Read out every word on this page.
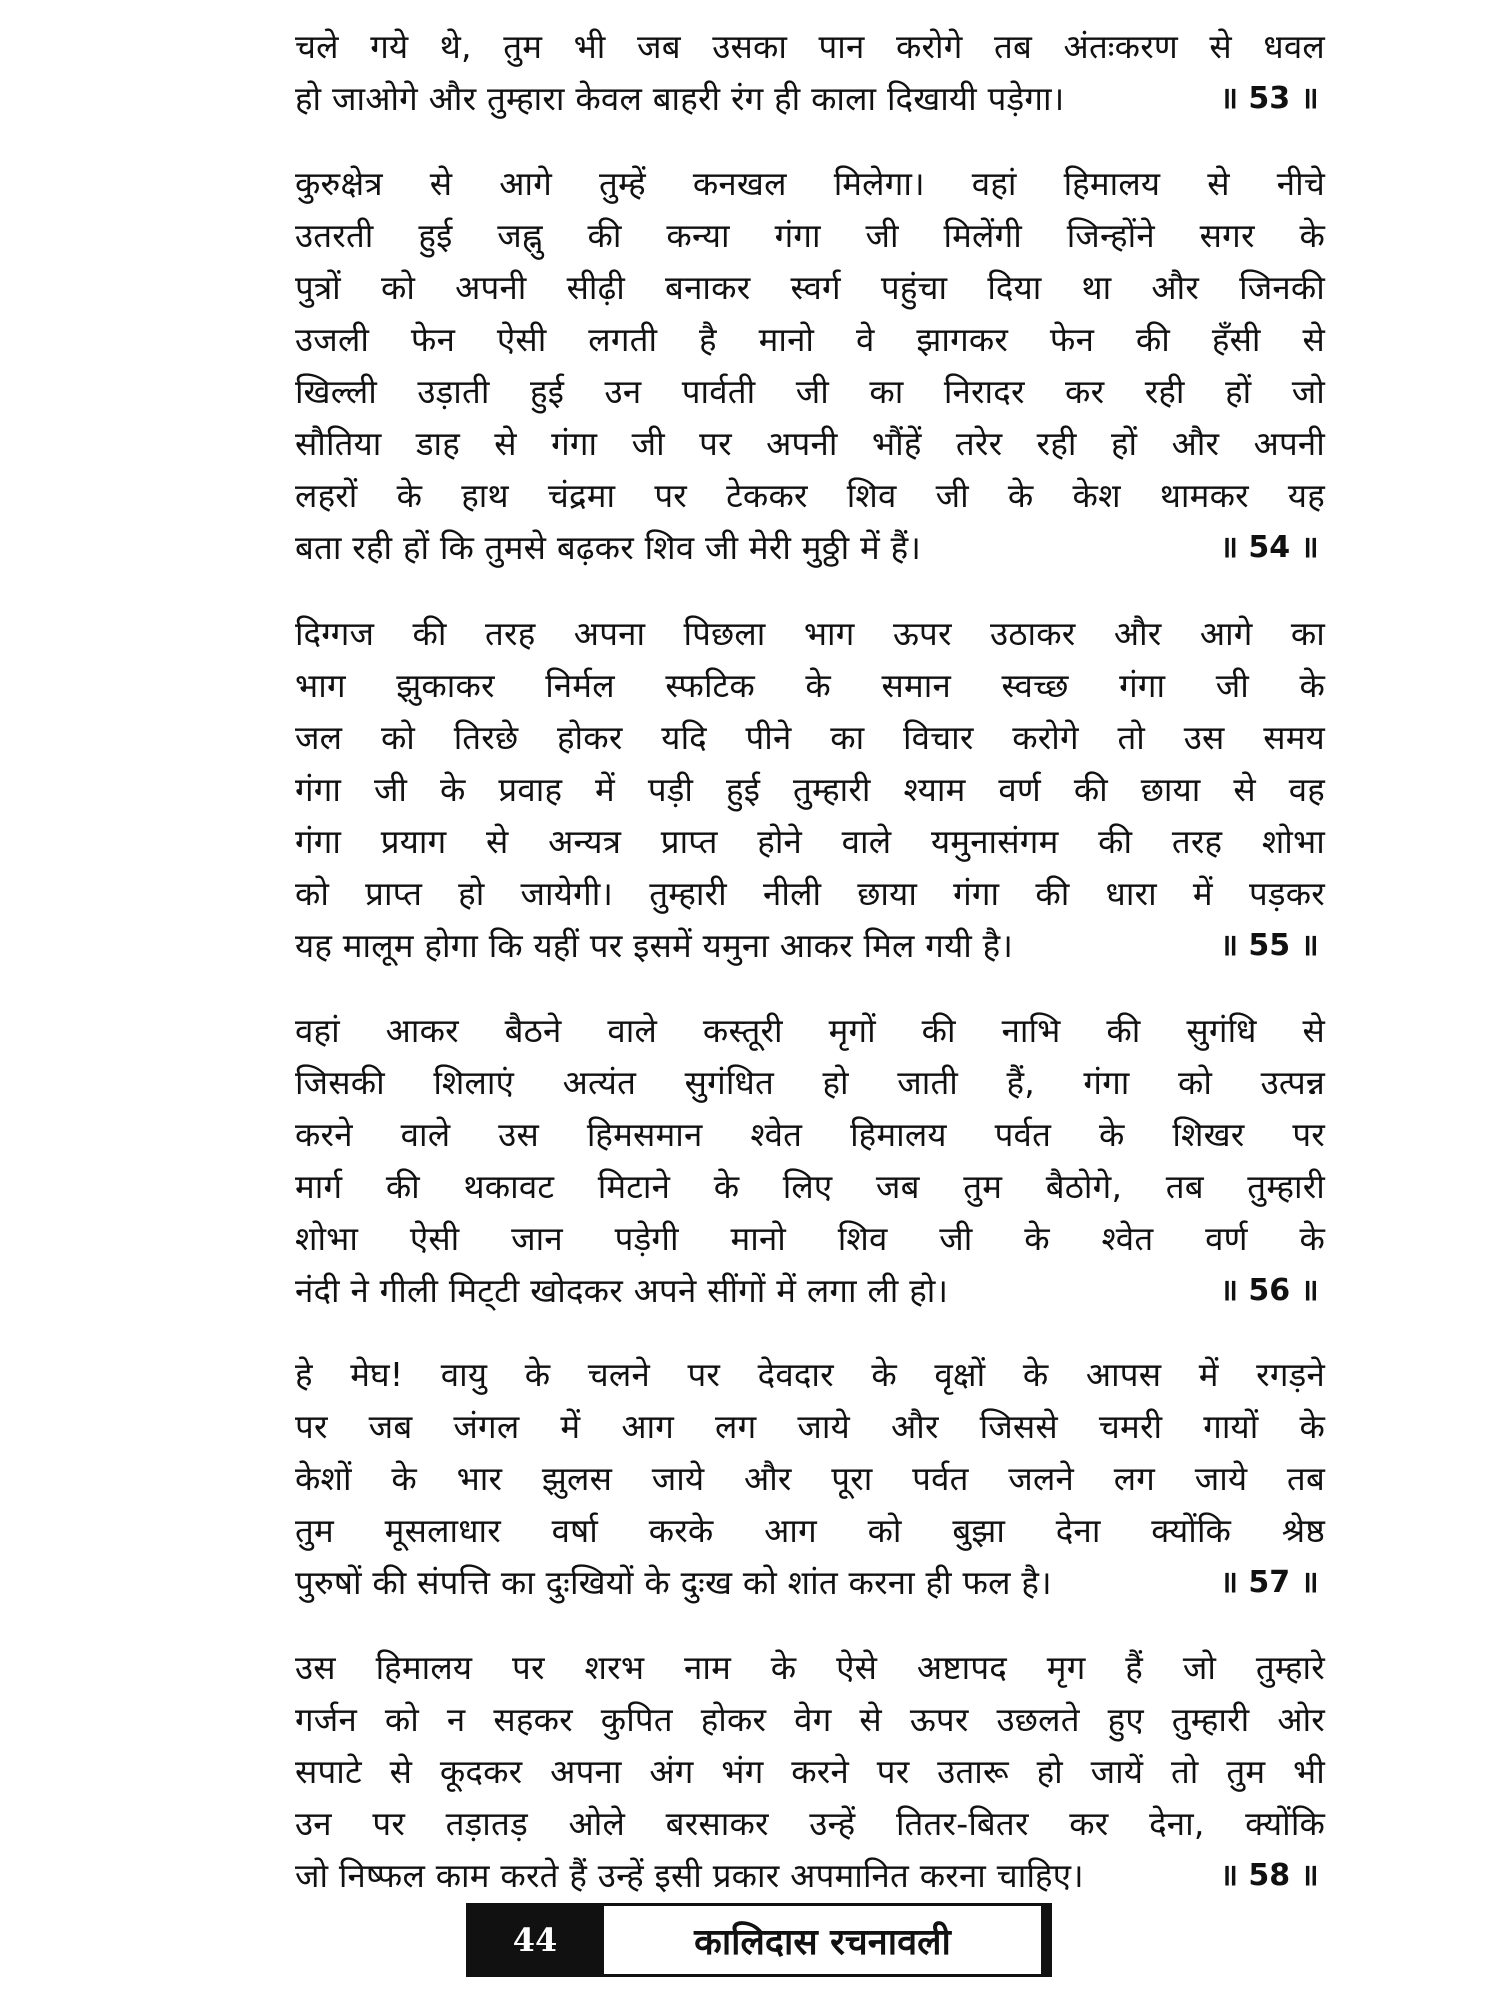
चले गये थे, तुम भी जब उसका पान करोगे तब अंतःकरण से धवल
हो जाओगे और तुम्हारा केवल बाहरी रंग ही काला दिखायी पड़ेगा।	॥ 53 ॥
कुरुक्षेत्र से आगे तुम्हें कनखल मिलेगा। वहां हिमालय से नीचे
उतरती हुई जह्नु की कन्या गंगा जी मिलेंगी जिन्होंने सगर के
पुत्रों को अपनी सीढ़ी बनाकर स्वर्ग पहुंचा दिया था और जिनकी
उजली फेन ऐसी लगती है मानो वे झागकर फेन की हँसी से
खिल्ली उड़ाती हुई उन पार्वती जी का निरादर कर रही हों जो
सौतिया डाह से गंगा जी पर अपनी भौंहें तरेर रही हों और अपनी
लहरों के हाथ चंद्रमा पर टेककर शिव जी के केश थामकर यह
बता रही हों कि तुमसे बढ़कर शिव जी मेरी मुठ्ठी में हैं।	॥ 54 ॥
दिग्गज की तरह अपना पिछला भाग ऊपर उठाकर और आगे का
भाग झुकाकर निर्मल स्फटिक के समान स्वच्छ गंगा जी के
जल को तिरछे होकर यदि पीने का विचार करोगे तो उस समय
गंगा जी के प्रवाह में पड़ी हुई तुम्हारी श्याम वर्ण की छाया से वह
गंगा प्रयाग से अन्यत्र प्राप्त होने वाले यमुनासंगम की तरह शोभा
को प्राप्त हो जायेगी। तुम्हारी नीली छाया गंगा की धारा में पड़कर
यह मालूम होगा कि यहीं पर इसमें यमुना आकर मिल गयी है।	॥ 55 ॥
वहां आकर बैठने वाले कस्तूरी मृगों की नाभि की सुगंधि से
जिसकी शिलाएं अत्यंत सुगंधित हो जाती हैं, गंगा को उत्पन्न
करने वाले उस हिमसमान श्वेत हिमालय पर्वत के शिखर पर
मार्ग की थकावट मिटाने के लिए जब तुम बैठोगे, तब तुम्हारी
शोभा ऐसी जान पड़ेगी मानो शिव जी के श्वेत वर्ण के
नंदी ने गीली मिट्‌टी खोदकर अपने सींगों में लगा ली हो।	॥ 56 ॥
हे मेघ! वायु के चलने पर देवदार के वृक्षों के आपस में रगड़ने
पर जब जंगल में आग लग जाये और जिससे चमरी गायों के
केशों के भार झुलस जाये और पूरा पर्वत जलने लग जाये तब
तुम मूसलाधार वर्षा करके आग को बुझा देना क्योंकि श्रेष्ठ
पुरुषों की संपत्ति का दुःखियों के दुःख को शांत करना ही फल है।	॥ 57 ॥
उस हिमालय पर शरभ नाम के ऐसे अष्टापद मृग हैं जो तुम्हारे
गर्जन को न सहकर कुपित होकर वेग से ऊपर उछलते हुए तुम्हारी ओर
सपाटे से कूदकर अपना अंग भंग करने पर उतारू हो जायें तो तुम भी
उन पर तड़ातड़ ओले बरसाकर उन्हें तितर-बितर कर देना, क्योंकि
जो निष्फल काम करते हैं उन्हें इसी प्रकार अपमानित करना चाहिए।	॥ 58 ॥
44	कालिदास रचनावली
